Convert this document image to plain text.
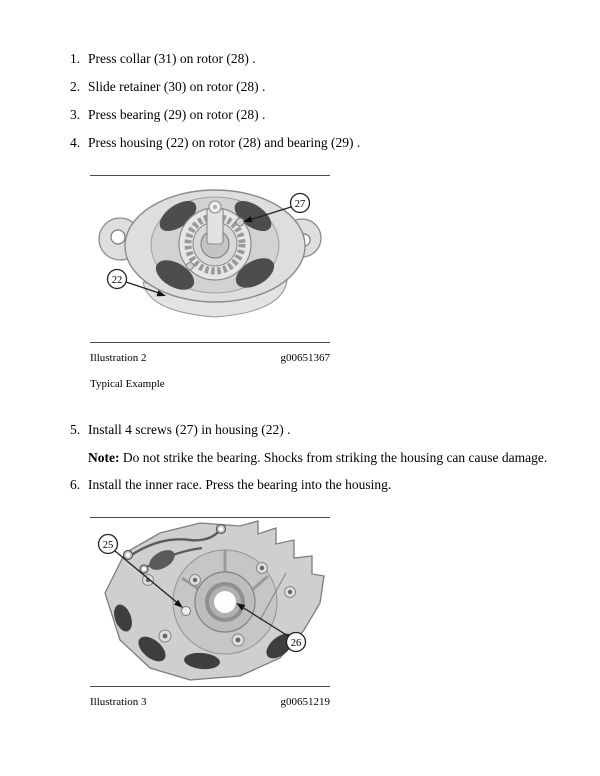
1. Press collar (31) on rotor (28) .
2. Slide retainer (30) on rotor (28) .
3. Press bearing (29) on rotor (28) .
4. Press housing (22) on rotor (28) and bearing (29) .
27
22
Illustration 2	g00651367
Typical Example
5. Install 4 screws (27) in housing (22) .
Note: Do not strike the bearing. Shocks from striking the housing can cause damage.
6. Install the inner race. Press the bearing into the housing.
25
26
Illustration 3	g00651219
